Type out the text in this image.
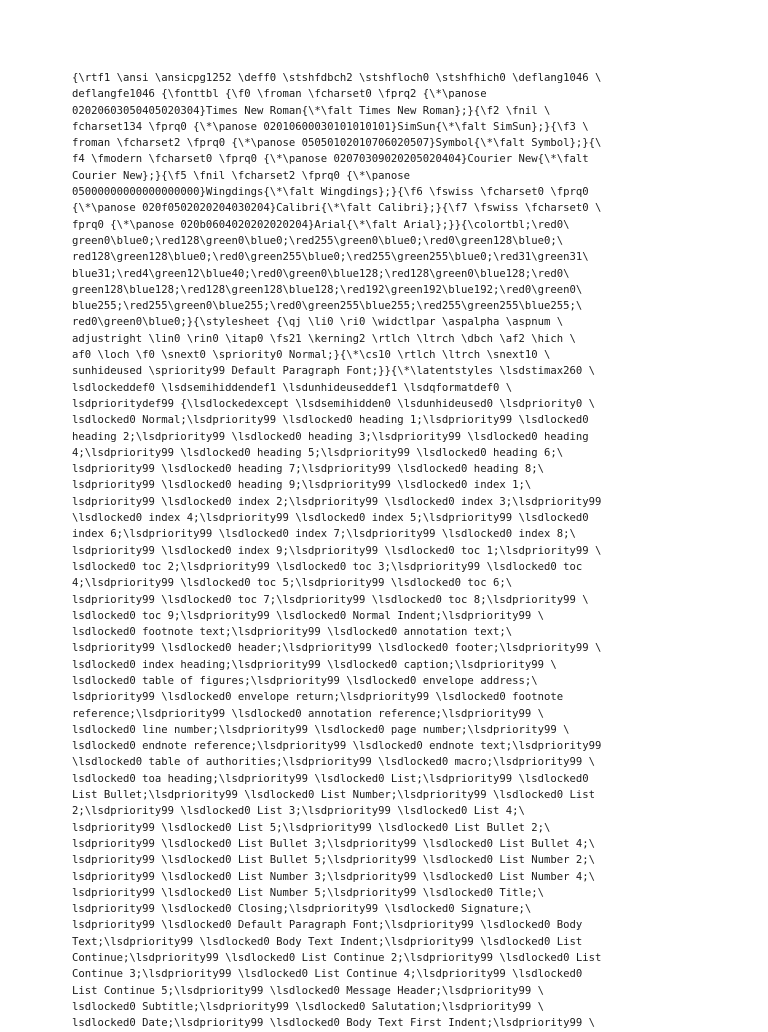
{\rtf1 \ansi \ansicpg1252 \deff0 \stshfdbch2 \stshfloch0 \stshfhich0 \deflang1046 \
deflangfe1046 {\fonttbl {\f0 \froman \fcharset0 \fprq2 {\*\panose
02020603050405020304}Times New Roman{\*\falt Times New Roman};}{\f2 \fnil \
fcharset134 \fprq0 {\*\panose 02010600030101010101}SimSun{\*\falt SimSun};}{\f3 \
froman \fcharset2 \fprq0 {\*\panose 05050102010706020507}Symbol{\*\falt Symbol};}{\
f4 \fmodern \fcharset0 \fprq0 {\*\panose 02070309020205020404}Courier New{\*\falt
Courier New};}{\f5 \fnil \fcharset2 \fprq0 {\*\panose
05000000000000000000}Wingdings{\*\falt Wingdings};}{\f6 \fswiss \fcharset0 \fprq0
{\*\panose 020f0502020204030204}Calibri{\*\falt Calibri};}{\f7 \fswiss \fcharset0 \
fprq0 {\*\panose 020b0604020202020204}Arial{\*\falt Arial};}}{\colortbl;\red0\
green0\blue0;\red128\green0\blue0;\red255\green0\blue0;\red0\green128\blue0;\
red128\green128\blue0;\red0\green255\blue0;\red255\green255\blue0;\red31\green31\
blue31;\red4\green12\blue40;\red0\green0\blue128;\red128\green0\blue128;\red0\
green128\blue128;\red128\green128\blue128;\red192\green192\blue192;\red0\green0\
blue255;\red255\green0\blue255;\red0\green255\blue255;\red255\green255\blue255;\
red0\green0\blue0;}{\stylesheet {\qj \li0 \ri0 \widctlpar \aspalpha \aspnum \
adjustright \lin0 \rin0 \itap0 \fs21 \kerning2 \rtlch \ltrch \dbch \af2 \hich \
af0 \loch \f0 \snext0 \spriority0 Normal;}{\*\cs10 \rtlch \ltrch \snext10 \
sunhideused \spriority99 Default Paragraph Font;}}{\*\latentstyles \lsdstimax260 \
lsdlockeddef0 \lsdsemihiddendef1 \lsdunhideuseddef1 \lsdqformatdef0 \
lsdprioritydef99 {\lsdlockedexcept \lsdsemihidden0 \lsdunhideused0 \lsdpriority0 \
lsdlocked0 Normal;\lsdpriority99 \lsdlocked0 heading 1;\lsdpriority99 \lsdlocked0
heading 2;\lsdpriority99 \lsdlocked0 heading 3;\lsdpriority99 \lsdlocked0 heading
4;\lsdpriority99 \lsdlocked0 heading 5;\lsdpriority99 \lsdlocked0 heading 6;\
lsdpriority99 \lsdlocked0 heading 7;\lsdpriority99 \lsdlocked0 heading 8;\
lsdpriority99 \lsdlocked0 heading 9;\lsdpriority99 \lsdlocked0 index 1;\
lsdpriority99 \lsdlocked0 index 2;\lsdpriority99 \lsdlocked0 index 3;\lsdpriority99
\lsdlocked0 index 4;\lsdpriority99 \lsdlocked0 index 5;\lsdpriority99 \lsdlocked0
index 6;\lsdpriority99 \lsdlocked0 index 7;\lsdpriority99 \lsdlocked0 index 8;\
lsdpriority99 \lsdlocked0 index 9;\lsdpriority99 \lsdlocked0 toc 1;\lsdpriority99 \
lsdlocked0 toc 2;\lsdpriority99 \lsdlocked0 toc 3;\lsdpriority99 \lsdlocked0 toc
4;\lsdpriority99 \lsdlocked0 toc 5;\lsdpriority99 \lsdlocked0 toc 6;\
lsdpriority99 \lsdlocked0 toc 7;\lsdpriority99 \lsdlocked0 toc 8;\lsdpriority99 \
lsdlocked0 toc 9;\lsdpriority99 \lsdlocked0 Normal Indent;\lsdpriority99 \
lsdlocked0 footnote text;\lsdpriority99 \lsdlocked0 annotation text;\
lsdpriority99 \lsdlocked0 header;\lsdpriority99 \lsdlocked0 footer;\lsdpriority99 \
lsdlocked0 index heading;\lsdpriority99 \lsdlocked0 caption;\lsdpriority99 \
lsdlocked0 table of figures;\lsdpriority99 \lsdlocked0 envelope address;\
lsdpriority99 \lsdlocked0 envelope return;\lsdpriority99 \lsdlocked0 footnote
reference;\lsdpriority99 \lsdlocked0 annotation reference;\lsdpriority99 \
lsdlocked0 line number;\lsdpriority99 \lsdlocked0 page number;\lsdpriority99 \
lsdlocked0 endnote reference;\lsdpriority99 \lsdlocked0 endnote text;\lsdpriority99
\lsdlocked0 table of authorities;\lsdpriority99 \lsdlocked0 macro;\lsdpriority99 \
lsdlocked0 toa heading;\lsdpriority99 \lsdlocked0 List;\lsdpriority99 \lsdlocked0
List Bullet;\lsdpriority99 \lsdlocked0 List Number;\lsdpriority99 \lsdlocked0 List
2;\lsdpriority99 \lsdlocked0 List 3;\lsdpriority99 \lsdlocked0 List 4;\
lsdpriority99 \lsdlocked0 List 5;\lsdpriority99 \lsdlocked0 List Bullet 2;\
lsdpriority99 \lsdlocked0 List Bullet 3;\lsdpriority99 \lsdlocked0 List Bullet 4;\
lsdpriority99 \lsdlocked0 List Bullet 5;\lsdpriority99 \lsdlocked0 List Number 2;\
lsdpriority99 \lsdlocked0 List Number 3;\lsdpriority99 \lsdlocked0 List Number 4;\
lsdpriority99 \lsdlocked0 List Number 5;\lsdpriority99 \lsdlocked0 Title;\
lsdpriority99 \lsdlocked0 Closing;\lsdpriority99 \lsdlocked0 Signature;\
lsdpriority99 \lsdlocked0 Default Paragraph Font;\lsdpriority99 \lsdlocked0 Body
Text;\lsdpriority99 \lsdlocked0 Body Text Indent;\lsdpriority99 \lsdlocked0 List
Continue;\lsdpriority99 \lsdlocked0 List Continue 2;\lsdpriority99 \lsdlocked0 List
Continue 3;\lsdpriority99 \lsdlocked0 List Continue 4;\lsdpriority99 \lsdlocked0
List Continue 5;\lsdpriority99 \lsdlocked0 Message Header;\lsdpriority99 \
lsdlocked0 Subtitle;\lsdpriority99 \lsdlocked0 Salutation;\lsdpriority99 \
lsdlocked0 Date;\lsdpriority99 \lsdlocked0 Body Text First Indent;\lsdpriority99 \
